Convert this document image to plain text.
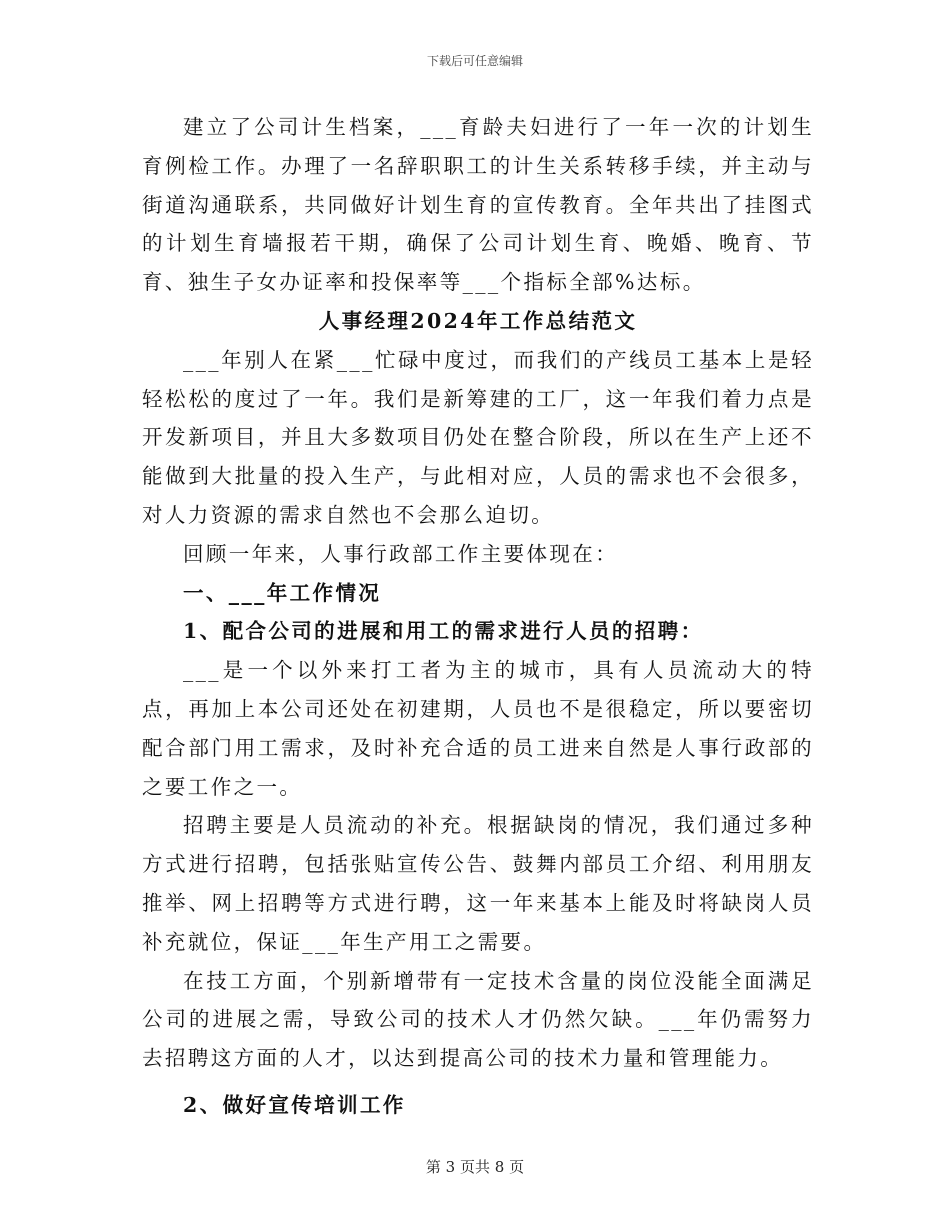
下载后可任意编辑

建立了公司计生档案，___育龄夫妇进行了一年一次的计划生育例检工作。办理了一名辞职职工的计生关系转移手续，并主动与街道沟通联系，共同做好计划生育的宣传教育。全年共出了挂图式的计划生育墙报若干期，确保了公司计划生育、晚婚、晚育、节育、独生子女办证率和投保率等___个指标全部%达标。

人事经理2024年工作总结范文

___年别人在紧___忙碌中度过，而我们的产线员工基本上是轻轻松松的度过了一年。我们是新筹建的工厂，这一年我们着力点是开发新项目，并且大多数项目仍处在整合阶段，所以在生产上还不能做到大批量的投入生产，与此相对应，人员的需求也不会很多，对人力资源的需求自然也不会那么迫切。

回顾一年来，人事行政部工作主要体现在：

一、___年工作情况

1、配合公司的进展和用工的需求进行人员的招聘：

___是一个以外来打工者为主的城市，具有人员流动大的特点，再加上本公司还处在初建期，人员也不是很稳定，所以要密切配合部门用工需求，及时补充合适的员工进来自然是人事行政部的之要工作之一。

招聘主要是人员流动的补充。根据缺岗的情况，我们通过多种方式进行招聘，包括张贴宣传公告、鼓舞内部员工介绍、利用朋友推举、网上招聘等方式进行聘，这一年来基本上能及时将缺岗人员补充就位，保证___年生产用工之需要。

在技工方面，个别新增带有一定技术含量的岗位没能全面满足公司的进展之需，导致公司的技术人才仍然欠缺。___年仍需努力去招聘这方面的人才，以达到提高公司的技术力量和管理能力。

2、做好宣传培训工作

第 3 页共 8 页
